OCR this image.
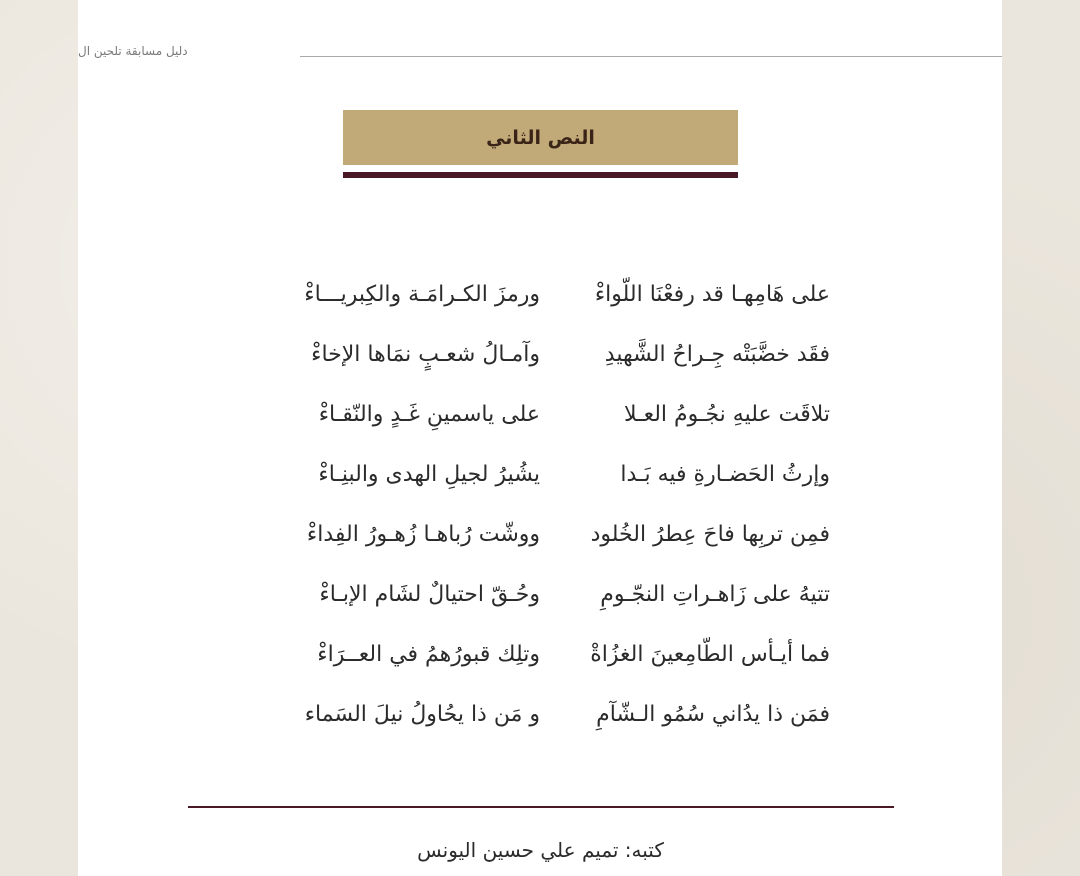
دليل مسابقة تلحين ال
النص الثاني
على هَامِهـا قد رفعْنَا اللّواءْ
ورمزَ الكـرامَـة والكِبريـــاءْ
فقَد خضَّبَتْه جِـراحُ الشَّهيدِ
وآمـالُ شعـبٍ نمَاها الإخاءْ
تلاقَت عليهِ نجُـومُ العـلا
على ياسمينِ غَـدٍ والنّقـاءْ
وإرثُ الحَضـارةِ فيه بَـدا
يشُيرُ لجيلِ الهدى والبنِـاءْ
فمِن تربِها فاحَ عِطرُ الخُلود
ووشّت رُباهـا زُهـورُ الفِداءْ
تتيهُ على زَاهـراتِ النجّـومِ
وحُـقّ احتيالٌ لشَام الإبـاءْ
فما أيـأس الطّامِعينَ الغزُاةْ
وتلِك قبورُهمُ في العــرَاءْ
فمَن ذا يدُاني سُمُو الـشّآمِ
و مَن ذا يحُاولُ نيلَ السَماء
كتبه: تميم علي حسين اليونس
